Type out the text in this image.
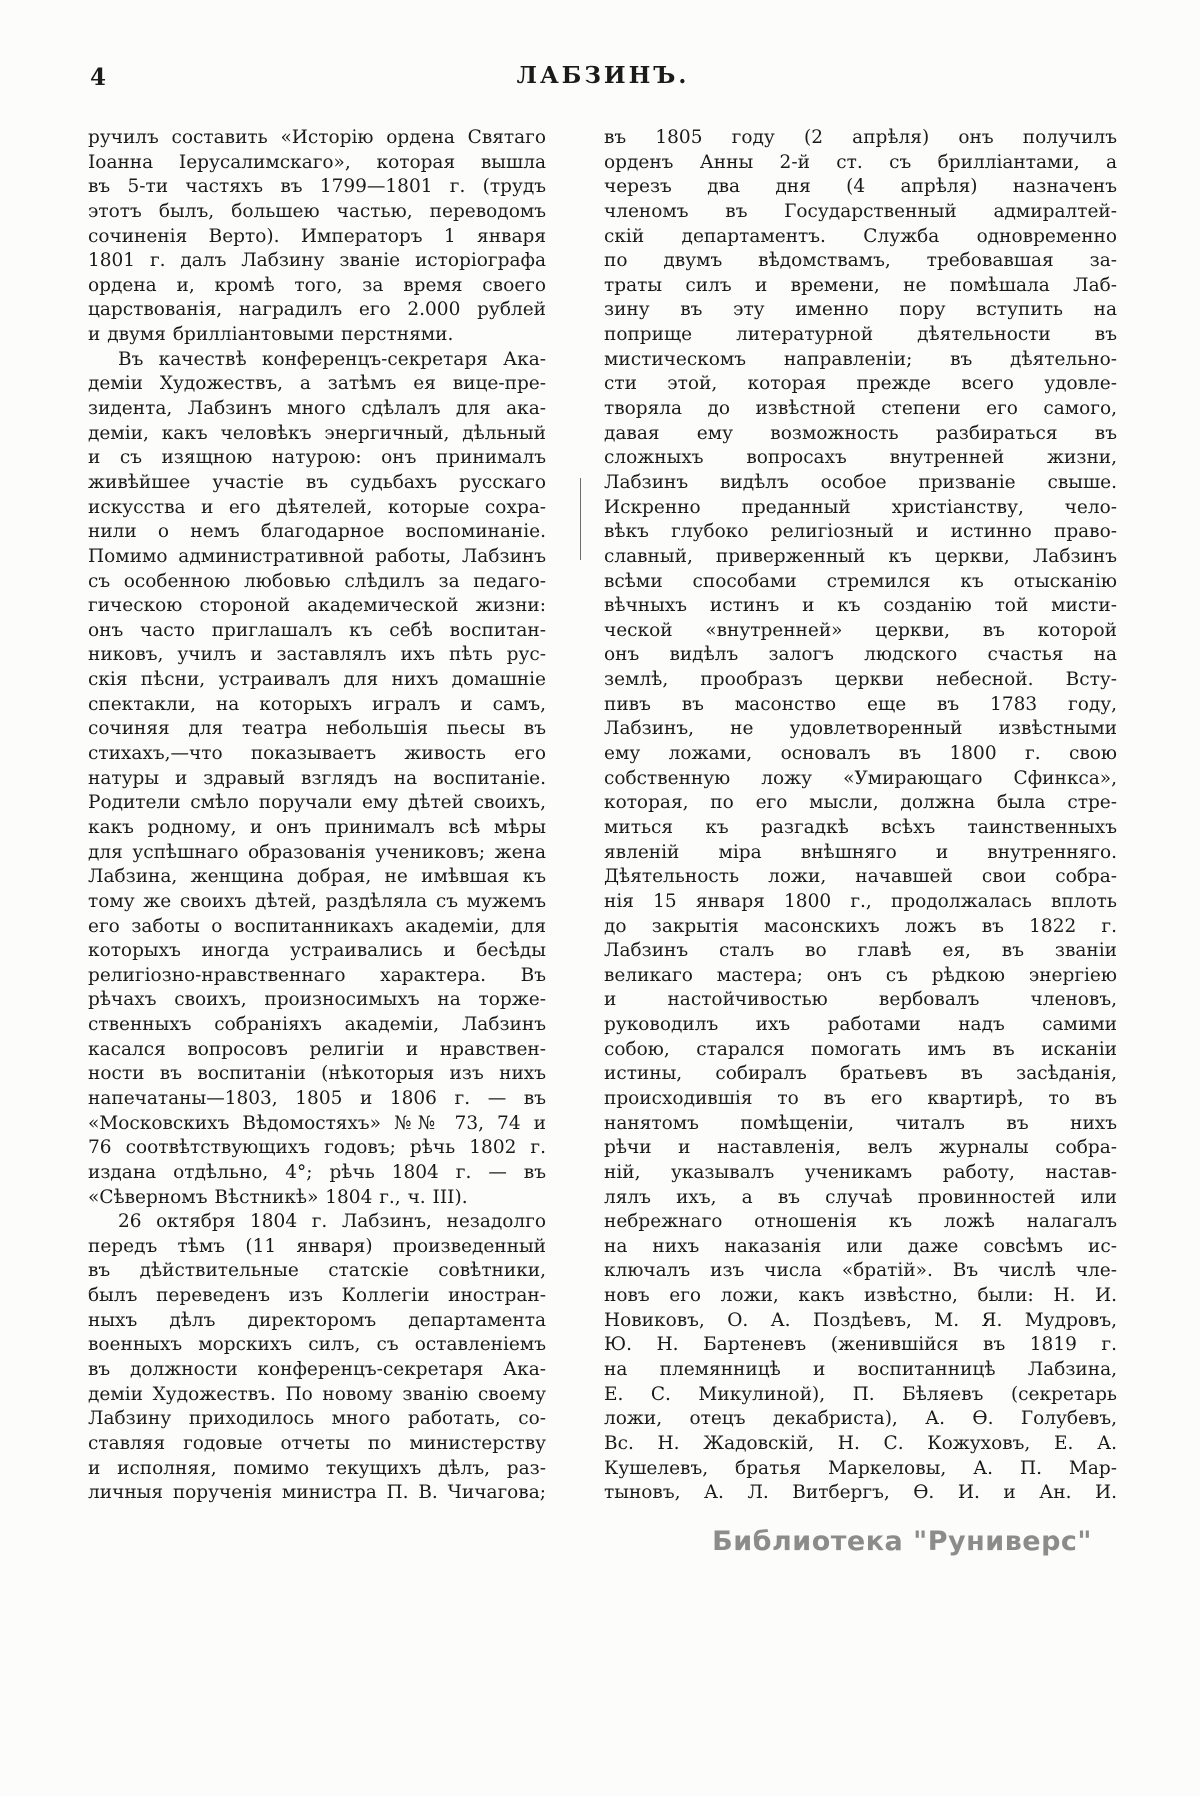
4	ЛАБЗИНЪ.
ручилъ составить «Исторію ордена Святаго
Іоанна Іерусалимскаго», которая вышла
въ 5-ти частяхъ въ 1799—1801 г. (трудъ
этотъ былъ, большею частью, переводомъ
сочиненія Верто). Императоръ 1 января
1801 г. далъ Лабзину званіе исторіографа
ордена и, кромѣ того, за время своего
царствованія, наградилъ его 2.000 рублей
и двумя брилліантовыми перстнями.
Въ качествѣ конференцъ-секретаря Ака-
деміи Художествъ, а затѣмъ ея вице-пре-
зидента, Лабзинъ много сдѣлалъ для ака-
деміи, какъ человѣкъ энергичный, дѣльный
и съ изящною натурою: онъ принималъ
живѣйшее участіе въ судьбахъ русскаго
искусства и его дѣятелей, которые сохра-
нили о немъ благодарное воспоминаніе.
Помимо административной работы, Лабзинъ
съ особенною любовью слѣдилъ за педаго-
гическою стороной академической жизни:
онъ часто приглашалъ къ себѣ воспитан-
никовъ, училъ и заставлялъ ихъ пѣть рус-
скія пѣсни, устраивалъ для нихъ домашніе
спектакли, на которыхъ игралъ и самъ,
сочиняя для театра небольшія пьесы въ
стихахъ,—что показываетъ живость его
натуры и здравый взглядъ на воспитаніе.
Родители смѣло поручали ему дѣтей своихъ,
какъ родному, и онъ принималъ всѣ мѣры
для успѣшнаго образованія учениковъ; жена
Лабзина, женщина добрая, не имѣвшая къ
тому же своихъ дѣтей, раздѣляла съ мужемъ
его заботы о воспитанникахъ академіи, для
которыхъ иногда устраивались и бесѣды
религіозно-нравственнаго характера. Въ
рѣчахъ своихъ, произносимыхъ на торже-
ственныхъ собраніяхъ академіи, Лабзинъ
касался вопросовъ религіи и нравствен-
ности въ воспитаніи (нѣкоторыя изъ нихъ
напечатаны—1803, 1805 и 1806 г. — въ
«Московскихъ Вѣдомостяхъ» №№ 73, 74 и
76 соотвѣтствующихъ годовъ; рѣчь 1802 г.
издана отдѣльно, 4°; рѣчь 1804 г. — въ
«Сѣверномъ Вѣстникѣ» 1804 г., ч. III).
26 октября 1804 г. Лабзинъ, незадолго
передъ тѣмъ (11 января) произведенный
въ дѣйствительные статскіе совѣтники,
былъ переведенъ изъ Коллегіи иностран-
ныхъ дѣлъ директоромъ департамента
военныхъ морскихъ силъ, съ оставленіемъ
въ должности конференцъ-секретаря Ака-
деміи Художествъ. По новому званію своему
Лабзину приходилось много работать, со-
ставляя годовые отчеты по министерству
и исполняя, помимо текущихъ дѣлъ, раз-
личныя порученія министра П. В. Чичагова;
въ 1805 году (2 апрѣля) онъ получилъ
орденъ Анны 2-й ст. съ брилліантами, а
черезъ два дня (4 апрѣля) назначенъ
членомъ въ Государственный адмиралтей-
скій департаментъ. Служба одновременно
по двумъ вѣдомствамъ, требовавшая за-
траты силъ и времени, не помѣшала Лаб-
зину въ эту именно пору вступить на
поприще литературной дѣятельности въ
мистическомъ направленіи; въ дѣятельно-
сти этой, которая прежде всего удовле-
творяла до извѣстной степени его самого,
давая ему возможность разбираться въ
сложныхъ вопросахъ внутренней жизни,
Лабзинъ видѣлъ особое призваніе свыше.
Искренно преданный христіанству, чело-
вѣкъ глубоко религіозный и истинно право-
славный, приверженный къ церкви, Лабзинъ
всѣми способами стремился къ отысканію
вѣчныхъ истинъ и къ созданію той мисти-
ческой «внутренней» церкви, въ которой
онъ видѣлъ залогъ людского счастья на
землѣ, прообразъ церкви небесной. Всту-
пивъ въ масонство еще въ 1783 году,
Лабзинъ, не удовлетворенный извѣстными
ему ложами, основалъ въ 1800 г. свою
собственную ложу «Умирающаго Сфинкса»,
которая, по его мысли, должна была стре-
миться къ разгадкѣ всѣхъ таинственныхъ
явленій міра внѣшняго и внутренняго.
Дѣятельность ложи, начавшей свои собра-
нія 15 января 1800 г., продолжалась вплоть
до закрытія масонскихъ ложъ въ 1822 г.
Лабзинъ сталъ во главѣ ея, въ званіи
великаго мастера; онъ съ рѣдкою энергіею
и настойчивостью вербовалъ членовъ,
руководилъ ихъ работами надъ самими
собою, старался помогать имъ въ исканіи
истины, собиралъ братьевъ въ засѣданія,
происходившія то въ его квартирѣ, то въ
нанятомъ помѣщеніи, читалъ въ нихъ
рѣчи и наставленія, велъ журналы собра-
ній, указывалъ ученикамъ работу, настав-
лялъ ихъ, а въ случаѣ провинностей или
небрежнаго отношенія къ ложѣ налагалъ
на нихъ наказанія или даже совсѣмъ ис-
ключалъ изъ числа «братій». Въ числѣ чле-
новъ его ложи, какъ извѣстно, были: Н. И.
Новиковъ, О. А. Поздѣевъ, М. Я. Мудровъ,
Ю. Н. Бартеневъ (женившійся въ 1819 г.
на племянницѣ и воспитанницѣ Лабзина,
Е. С. Микулиной), П. Бѣляевъ (секретарь
ложи, отецъ декабриста), А. Ѳ. Голубевъ,
Вс. Н. Жадовскій, Н. С. Кожуховъ, Е. А.
Кушелевъ, братья Маркеловы, А. П. Мар-
тыновъ, А. Л. Витбергъ, Ѳ. И. и Ан. И.
Библиотека "Руниверс"
